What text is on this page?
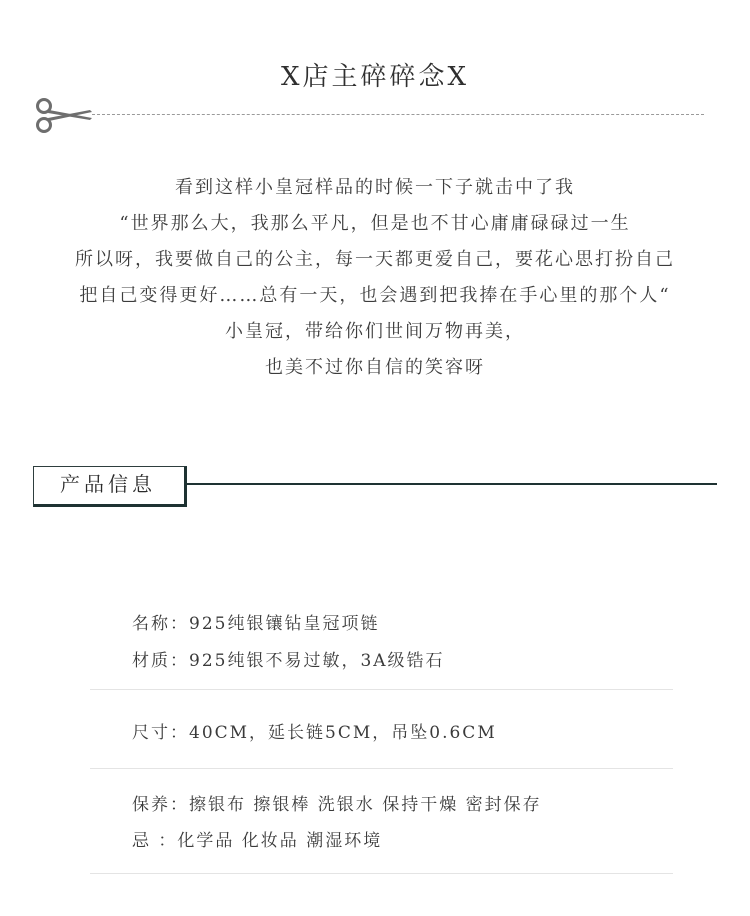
X店主碎碎念X

看到这样小皇冠样品的时候一下子就击中了我

“世界那么大，我那么平凡，但是也不甘心庸庸碌碌过一生

所以呀，我要做自己的公主，每一天都更爱自己，要花心思打扮自己

把自己变得更好……总有一天，也会遇到把我捧在手心里的那个人“

小皇冠，带给你们世间万物再美，

也美不过你自信的笑容呀

产品信息
名称：925纯银镶钻皇冠项链
材质：925纯银不易过敏，3A级锆石
尺寸：40CM，延长链5CM，吊坠0.6CM
保养：擦银布 擦银棒 洗银水 保持干燥 密封保存
忌 ：化学品 化妆品 潮湿环境
